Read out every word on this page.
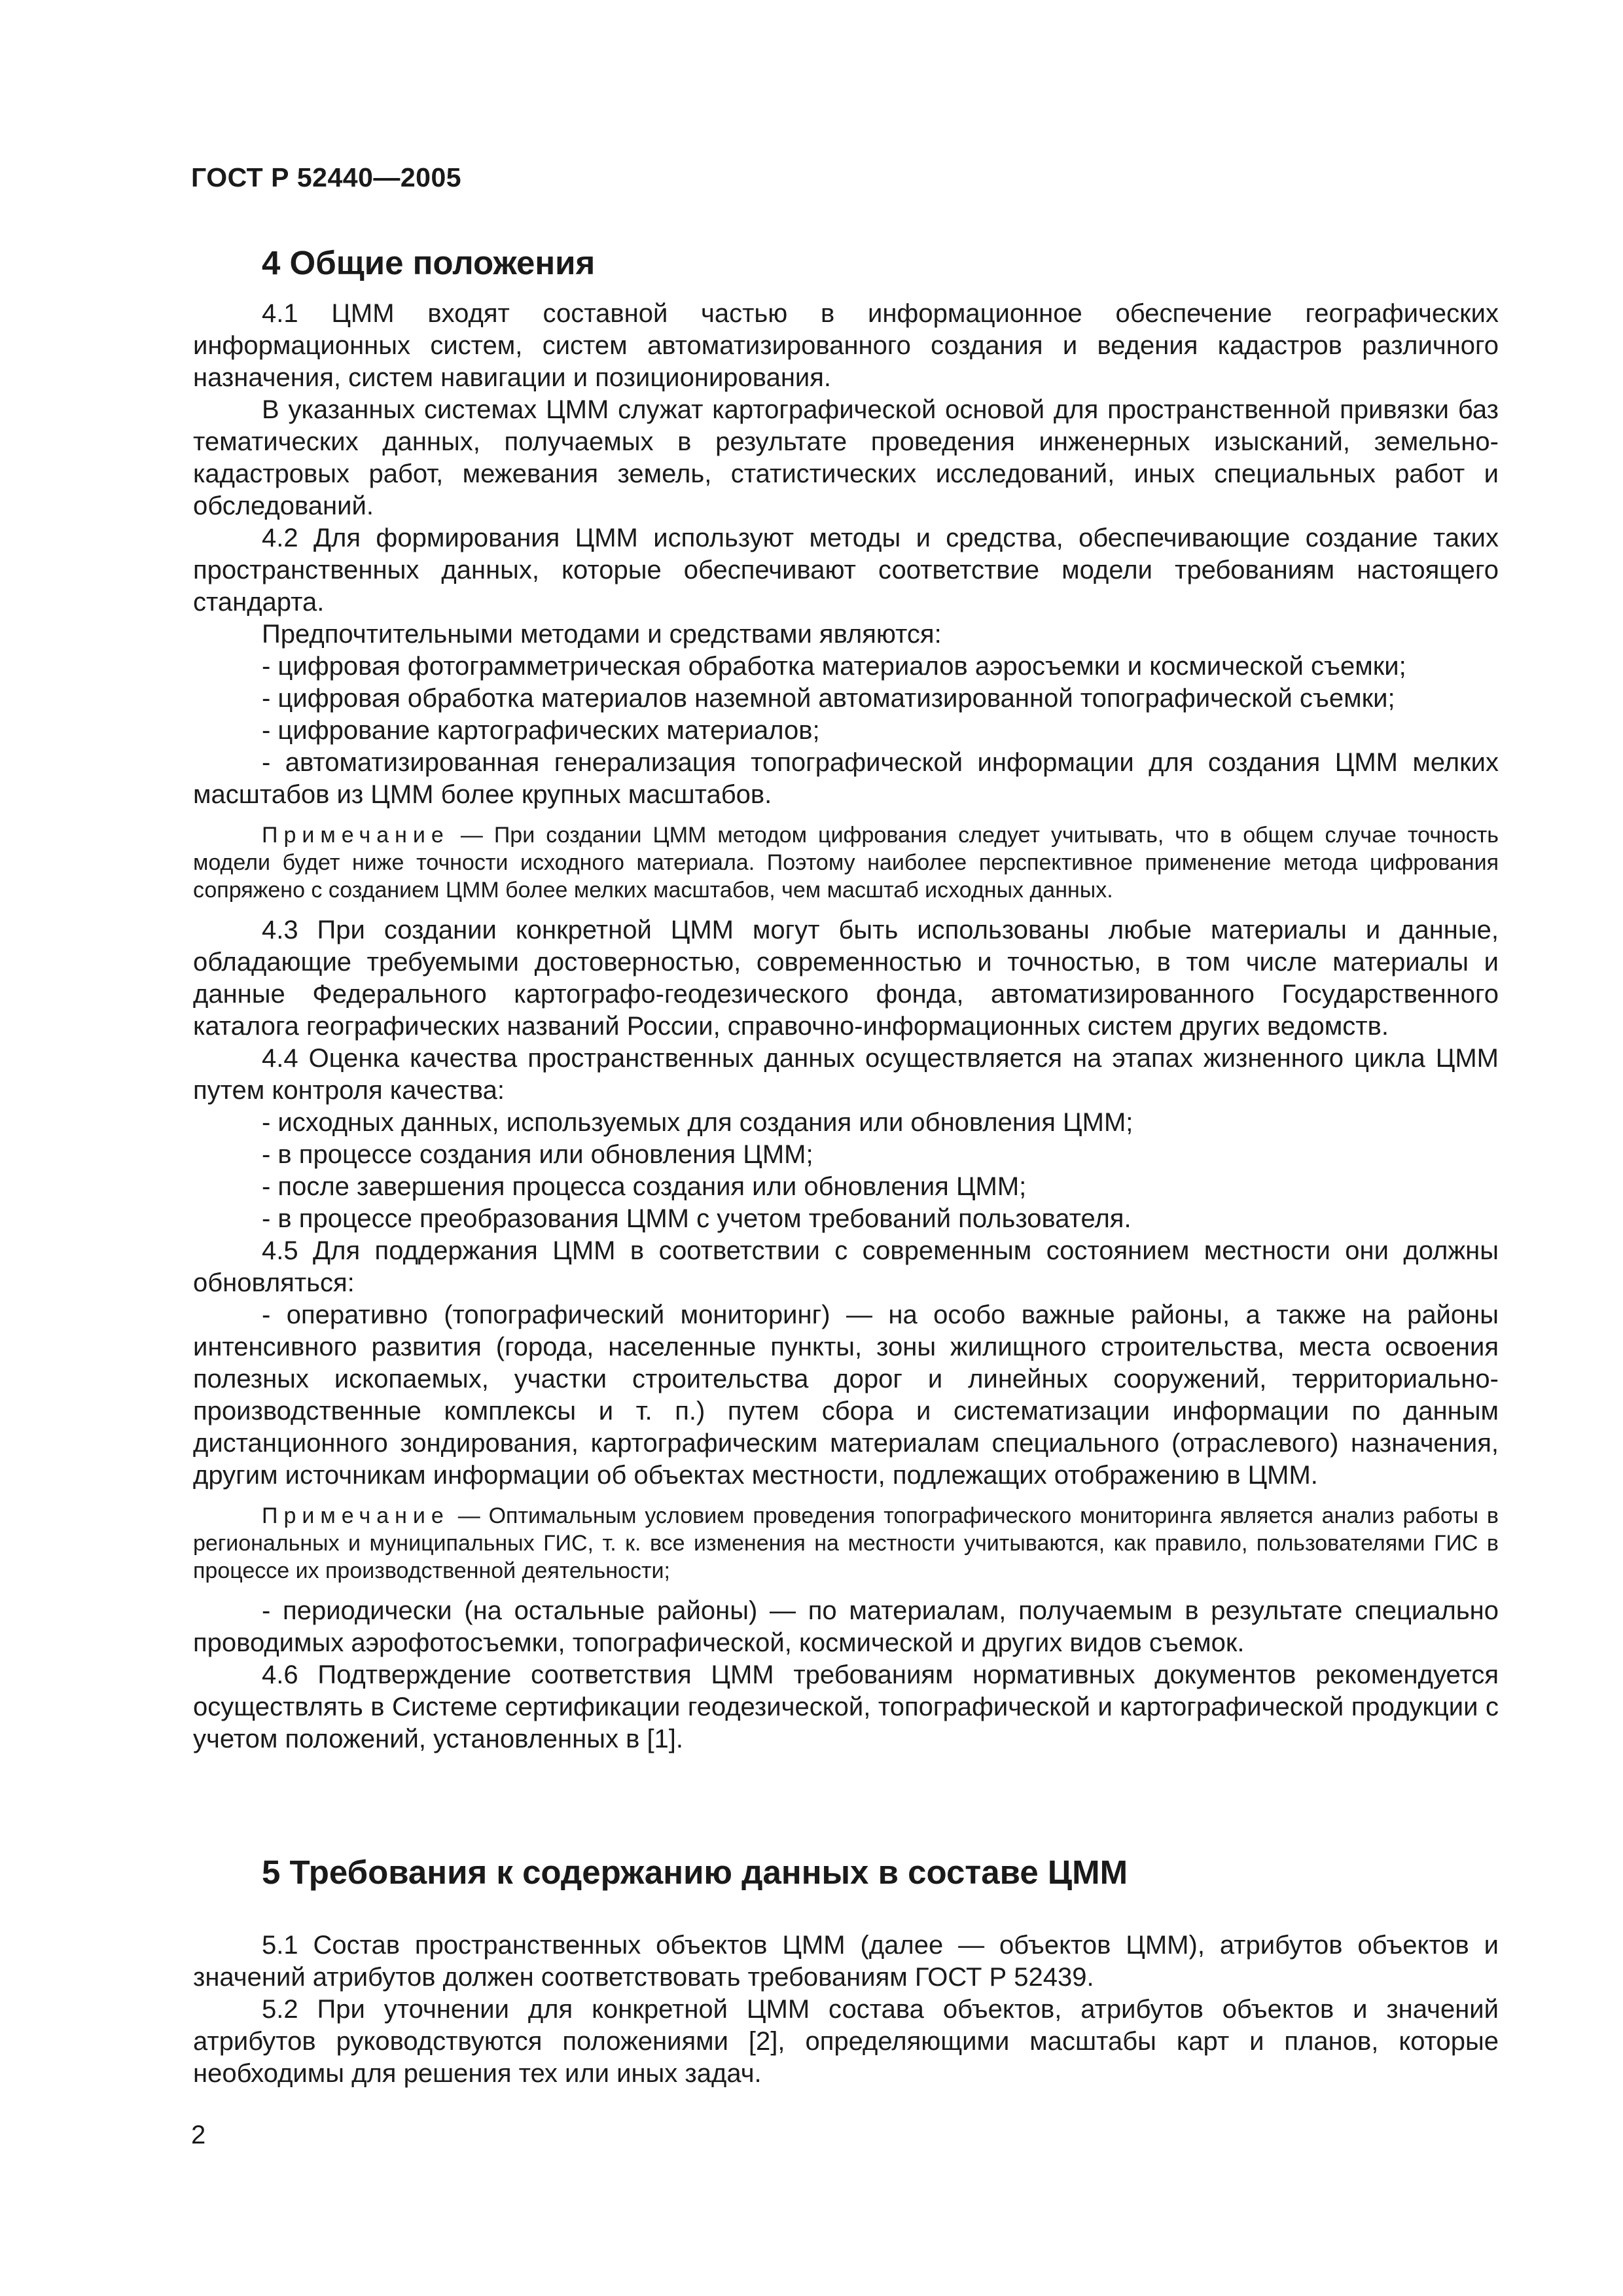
ГОСТ Р 52440—2005
4 Общие положения

4.1 ЦММ входят составной частью в информационное обеспечение географических информационных систем, систем автоматизированного создания и ведения кадастров различного назначения, систем навигации и позиционирования.

В указанных системах ЦММ служат картографической основой для пространственной привязки баз тематических данных, получаемых в результате проведения инженерных изысканий, земельно-кадастровых работ, межевания земель, статистических исследований, иных специальных работ и обследований.

4.2 Для формирования ЦММ используют методы и средства, обеспечивающие создание таких пространственных данных, которые обеспечивают соответствие модели требованиям настоящего стандарта.

Предпочтительными методами и средствами являются:

- цифровая фотограмметрическая обработка материалов аэросъемки и космической съемки;

- цифровая обработка материалов наземной автоматизированной топографической съемки;

- цифрование картографических материалов;

- автоматизированная генерализация топографической информации для создания ЦММ мелких масштабов из ЦММ более крупных масштабов.

Примечание — При создании ЦММ методом цифрования следует учитывать, что в общем случае точность модели будет ниже точности исходного материала. Поэтому наиболее перспективное применение метода цифрования сопряжено с созданием ЦММ более мелких масштабов, чем масштаб исходных данных.

4.3 При создании конкретной ЦММ могут быть использованы любые материалы и данные, обладающие требуемыми достоверностью, современностью и точностью, в том числе материалы и данные Федерального картографо-геодезического фонда, автоматизированного Государственного каталога географических названий России, справочно-информационных систем других ведомств.

4.4 Оценка качества пространственных данных осуществляется на этапах жизненного цикла ЦММ путем контроля качества:

- исходных данных, используемых для создания или обновления ЦММ;

- в процессе создания или обновления ЦММ;

- после завершения процесса создания или обновления ЦММ;

- в процессе преобразования ЦММ с учетом требований пользователя.

4.5 Для поддержания ЦММ в соответствии с современным состоянием местности они должны обновляться:

- оперативно (топографический мониторинг) — на особо важные районы, а также на районы интенсивного развития (города, населенные пункты, зоны жилищного строительства, места освоения полезных ископаемых, участки строительства дорог и линейных сооружений, территориально-производственные комплексы и т. п.) путем сбора и систематизации информации по данным дистанционного зондирования, картографическим материалам специального (отраслевого) назначения, другим источникам информации об объектах местности, подлежащих отображению в ЦММ.

Примечание — Оптимальным условием проведения топографического мониторинга является анализ работы в региональных и муниципальных ГИС, т. к. все изменения на местности учитываются, как правило, пользователями ГИС в процессе их производственной деятельности;

- периодически (на остальные районы) — по материалам, получаемым в результате специально проводимых аэрофотосъемки, топографической, космической и других видов съемок.

4.6 Подтверждение соответствия ЦММ требованиям нормативных документов рекомендуется осуществлять в Системе сертификации геодезической, топографической и картографической продукции с учетом положений, установленных в [1].

5 Требования к содержанию данных в составе ЦММ

5.1 Состав пространственных объектов ЦММ (далее — объектов ЦММ), атрибутов объектов и значений атрибутов должен соответствовать требованиям ГОСТ Р 52439.

5.2 При уточнении для конкретной ЦММ состава объектов, атрибутов объектов и значений атрибутов руководствуются положениями [2], определяющими масштабы карт и планов, которые необходимы для решения тех или иных задач.

2
